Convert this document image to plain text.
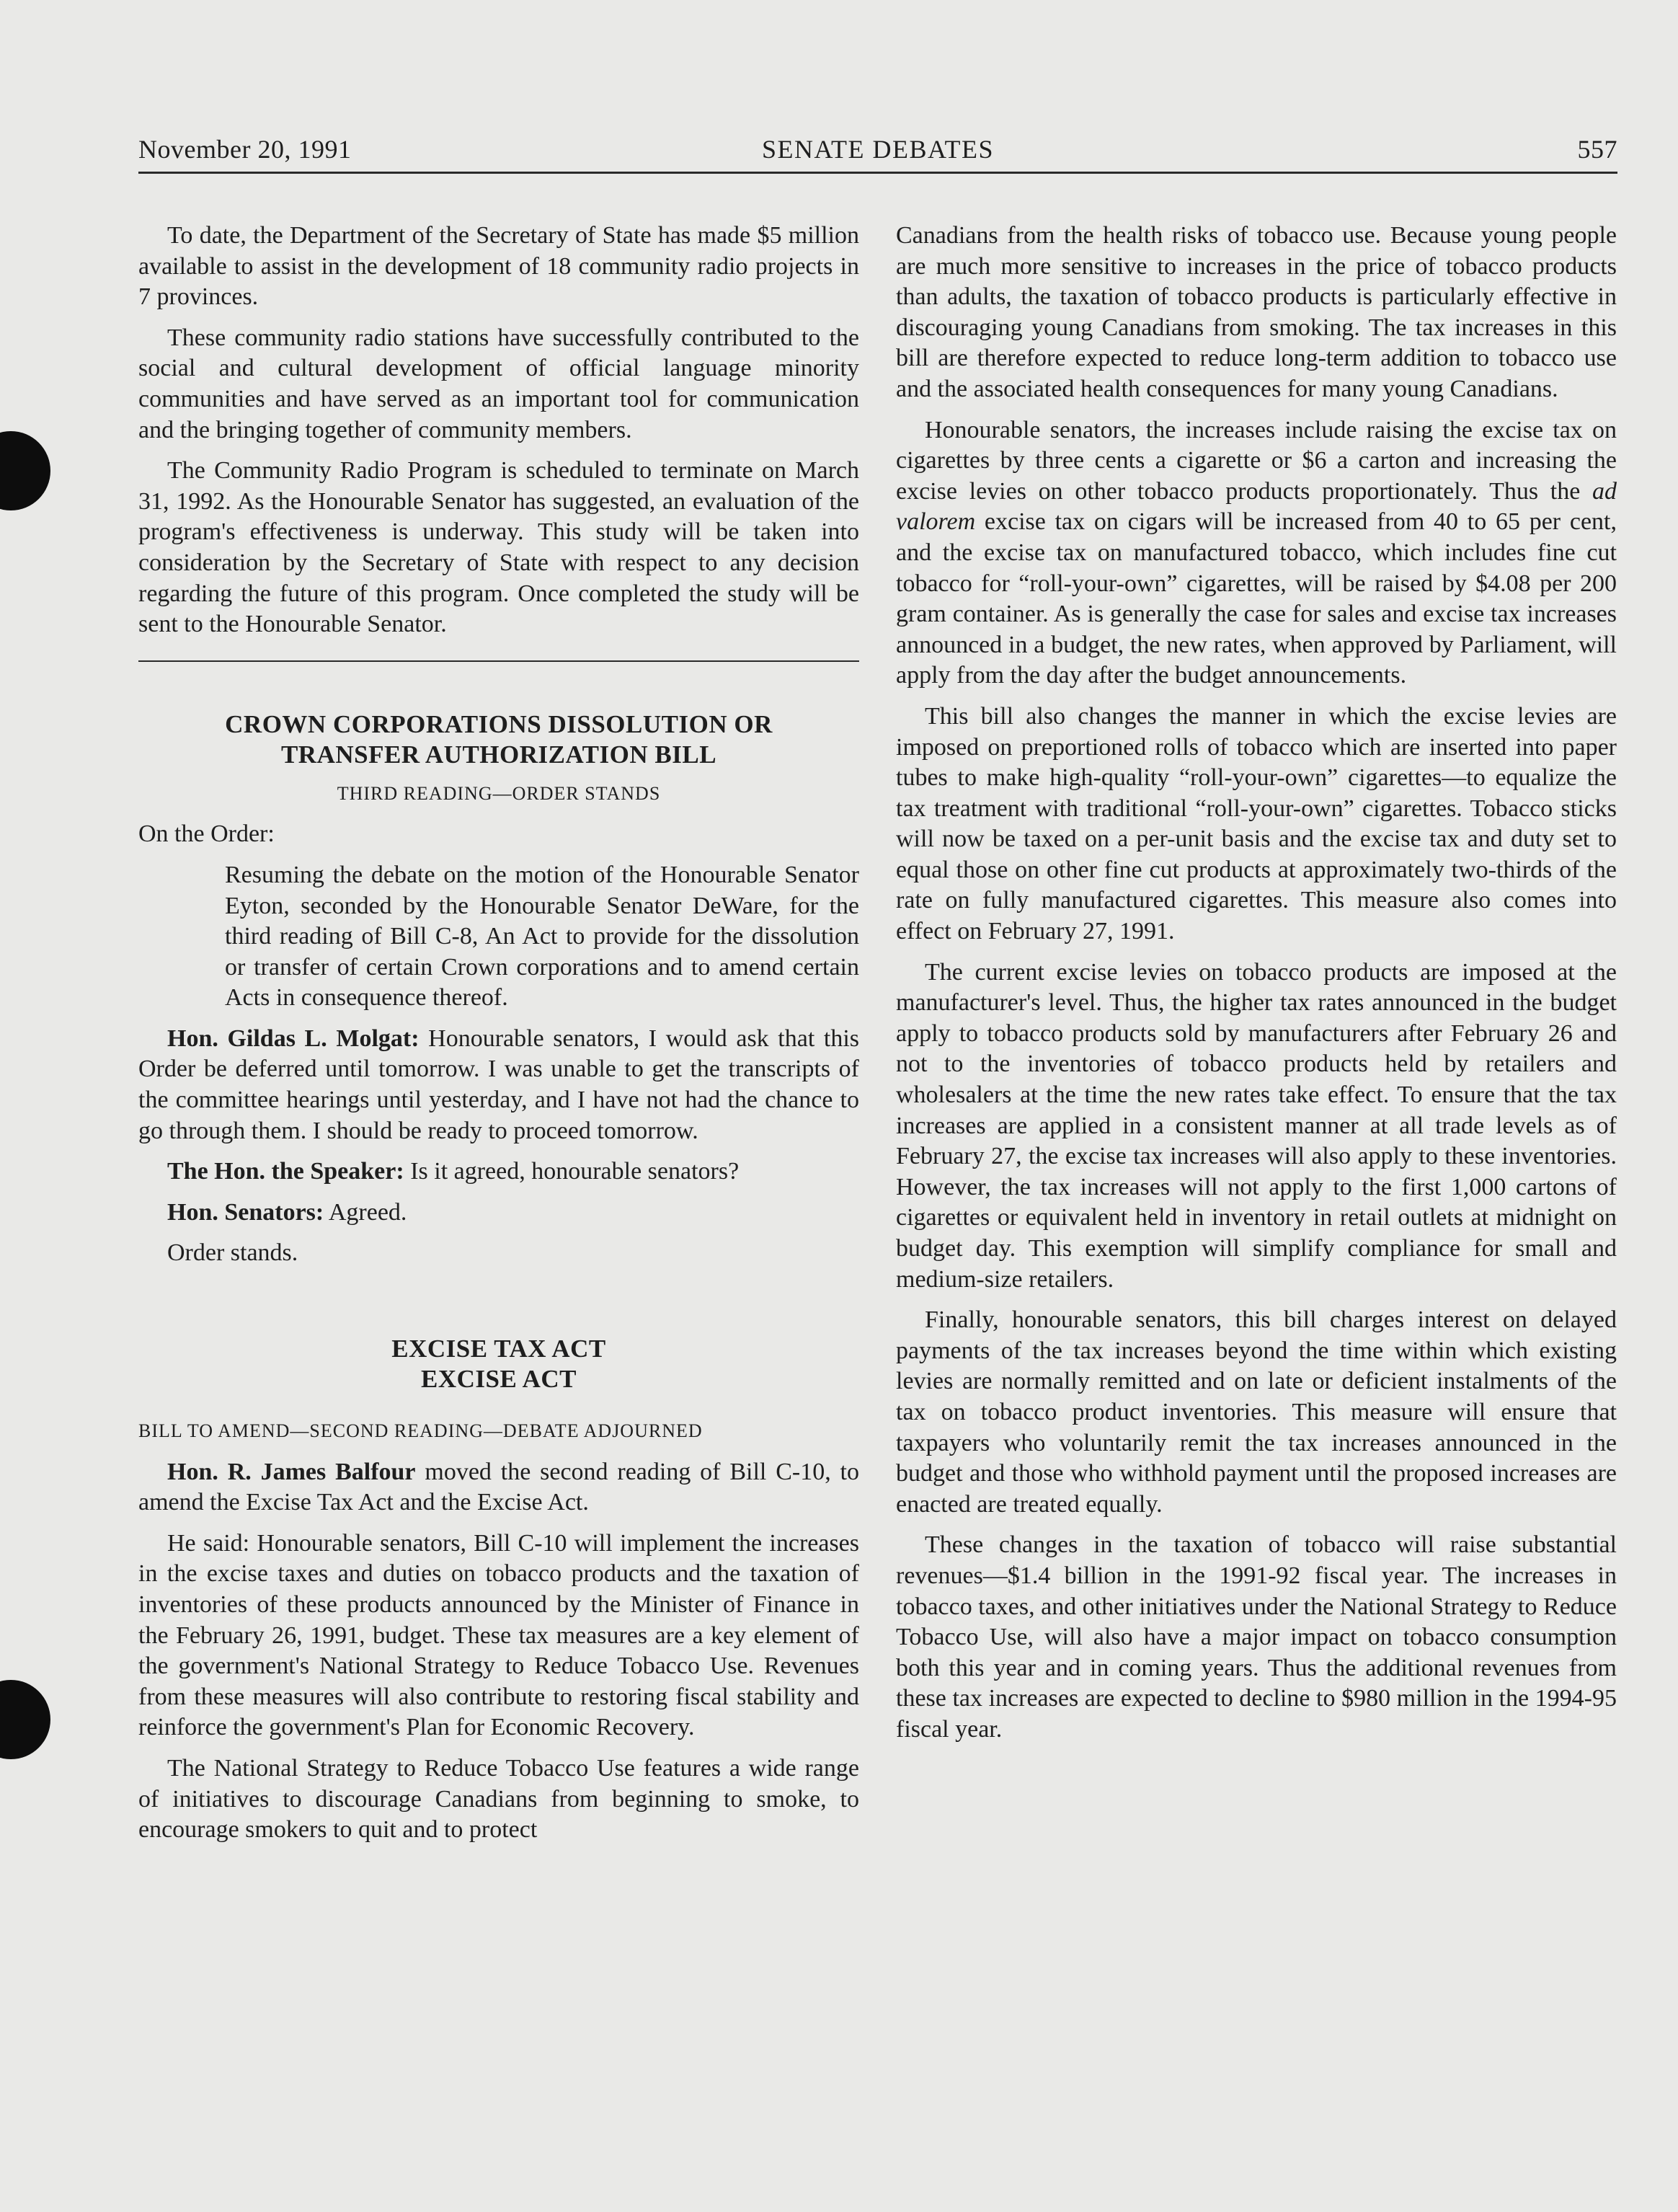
November 20, 1991	SENATE DEBATES	557

To date, the Department of the Secretary of State has made $5 million available to assist in the development of 18 community radio projects in 7 provinces.

These community radio stations have successfully contributed to the social and cultural development of official language minority communities and have served as an important tool for communication and the bringing together of community members.

The Community Radio Program is scheduled to terminate on March 31, 1992. As the Honourable Senator has suggested, an evaluation of the program's effectiveness is underway. This study will be taken into consideration by the Secretary of State with respect to any decision regarding the future of this program. Once completed the study will be sent to the Honourable Senator.

CROWN CORPORATIONS DISSOLUTION OR
TRANSFER AUTHORIZATION BILL
THIRD READING—ORDER STANDS

On the Order:

Resuming the debate on the motion of the Honourable Senator Eyton, seconded by the Honourable Senator DeWare, for the third reading of Bill C-8, An Act to provide for the dissolution or transfer of certain Crown corporations and to amend certain Acts in consequence thereof.

Hon. Gildas L. Molgat: Honourable senators, I would ask that this Order be deferred until tomorrow. I was unable to get the transcripts of the committee hearings until yesterday, and I have not had the chance to go through them. I should be ready to proceed tomorrow.

The Hon. the Speaker: Is it agreed, honourable senators?

Hon. Senators: Agreed.

Order stands.

EXCISE TAX ACT
EXCISE ACT
BILL TO AMEND—SECOND READING—DEBATE ADJOURNED

Hon. R. James Balfour moved the second reading of Bill C-10, to amend the Excise Tax Act and the Excise Act.

He said: Honourable senators, Bill C-10 will implement the increases in the excise taxes and duties on tobacco products and the taxation of inventories of these products announced by the Minister of Finance in the February 26, 1991, budget. These tax measures are a key element of the government's National Strategy to Reduce Tobacco Use. Revenues from these measures will also contribute to restoring fiscal stability and reinforce the government's Plan for Economic Recovery.

The National Strategy to Reduce Tobacco Use features a wide range of initiatives to discourage Canadians from beginning to smoke, to encourage smokers to quit and to protect

Canadians from the health risks of tobacco use. Because young people are much more sensitive to increases in the price of tobacco products than adults, the taxation of tobacco products is particularly effective in discouraging young Canadians from smoking. The tax increases in this bill are therefore expected to reduce long-term addition to tobacco use and the associated health consequences for many young Canadians.

Honourable senators, the increases include raising the excise tax on cigarettes by three cents a cigarette or $6 a carton and increasing the excise levies on other tobacco products proportionately. Thus the ad valorem excise tax on cigars will be increased from 40 to 65 per cent, and the excise tax on manufactured tobacco, which includes fine cut tobacco for “roll-your-own” cigarettes, will be raised by $4.08 per 200 gram container. As is generally the case for sales and excise tax increases announced in a budget, the new rates, when approved by Parliament, will apply from the day after the budget announcements.

This bill also changes the manner in which the excise levies are imposed on preportioned rolls of tobacco which are inserted into paper tubes to make high-quality “roll-your-own” cigarettes—to equalize the tax treatment with traditional “roll-your-own” cigarettes. Tobacco sticks will now be taxed on a per-unit basis and the excise tax and duty set to equal those on other fine cut products at approximately two-thirds of the rate on fully manufactured cigarettes. This measure also comes into effect on February 27, 1991.

The current excise levies on tobacco products are imposed at the manufacturer's level. Thus, the higher tax rates announced in the budget apply to tobacco products sold by manufacturers after February 26 and not to the inventories of tobacco products held by retailers and wholesalers at the time the new rates take effect. To ensure that the tax increases are applied in a consistent manner at all trade levels as of February 27, the excise tax increases will also apply to these inventories. However, the tax increases will not apply to the first 1,000 cartons of cigarettes or equivalent held in inventory in retail outlets at midnight on budget day. This exemption will simplify compliance for small and medium-size retailers.

Finally, honourable senators, this bill charges interest on delayed payments of the tax increases beyond the time within which existing levies are normally remitted and on late or deficient instalments of the tax on tobacco product inventories. This measure will ensure that taxpayers who voluntarily remit the tax increases announced in the budget and those who withhold payment until the proposed increases are enacted are treated equally.

These changes in the taxation of tobacco will raise substantial revenues—$1.4 billion in the 1991-92 fiscal year. The increases in tobacco taxes, and other initiatives under the National Strategy to Reduce Tobacco Use, will also have a major impact on tobacco consumption both this year and in coming years. Thus the additional revenues from these tax increases are expected to decline to $980 million in the 1994-95 fiscal year.
